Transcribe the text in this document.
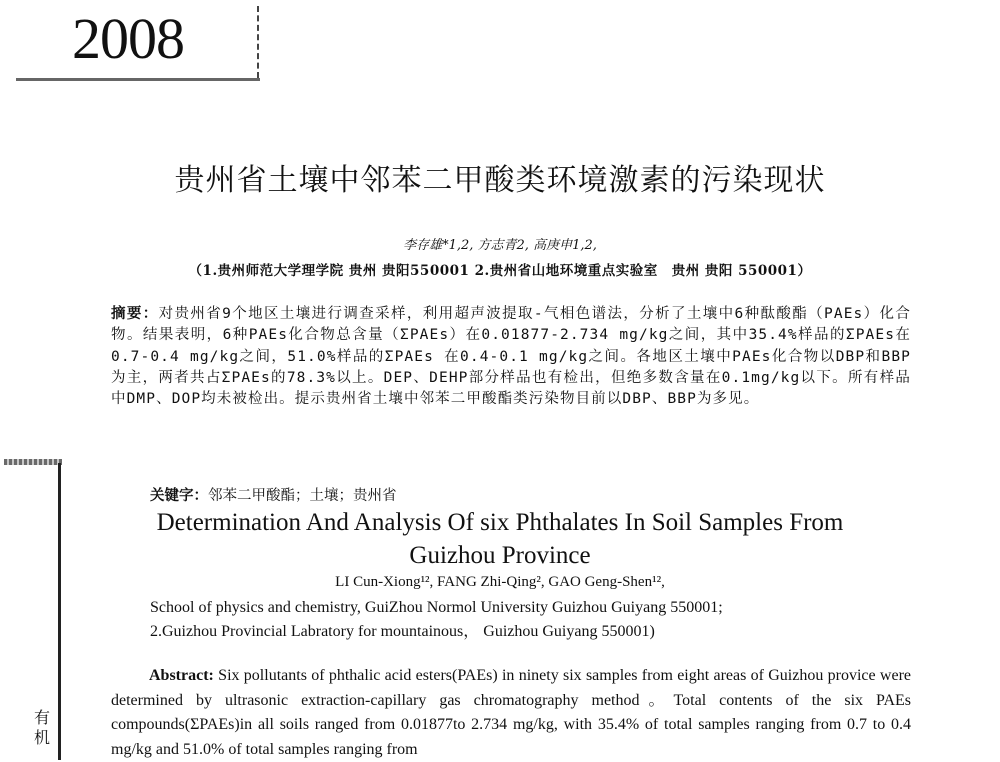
2008
贵州省土壤中邻苯二甲酸类环境激素的污染现状
李存雄*1,2, 方志青2, 高庚申1,2,
（1.贵州师范大学理学院 贵州 贵阳550001 2.贵州省山地环境重点实验室　贵州 贵阳 550001）
摘要：对贵州省9个地区土壤进行调查采样，利用超声波提取-气相色谱法，分析了土壤中6种酞酸酯（PAEs）化合物。结果表明，6种PAEs化合物总含量（ΣPAEs）在0.01877-2.734 mg/kg之间，其中35.4%样品的ΣPAEs在0.7-0.4 mg/kg之间，51.0%样品的ΣPAEs 在0.4-0.1 mg/kg之间。各地区土壤中PAEs化合物以DBP和BBP为主，两者共占ΣPAEs的78.3%以上。DEP、DEHP部分样品也有检出，但绝多数含量在0.1mg/kg以下。所有样品中DMP、DOP均未被检出。提示贵州省土壤中邻苯二甲酸酯类污染物目前以DBP、BBP为多见。
关键字：邻苯二甲酸酯；土壤；贵州省
Determination And Analysis Of six Phthalates In Soil Samples From
Guizhou Province
LI Cun-Xiong¹², FANG Zhi-Qing², GAO Geng-Shen¹²,
School of physics and chemistry, GuiZhou Normol University Guizhou Guiyang 550001;
2.Guizhou Provincial Labratory for mountainous， Guizhou Guiyang 550001)
Abstract: Six pollutants of phthalic acid esters(PAEs) in ninety six samples from eight areas of Guizhou provice were determined by ultrasonic extraction-capillary gas chromatography method。Total contents of the six PAEs compounds(ΣPAEs)in all soils ranged from 0.01877to 2.734 mg/kg, with 35.4% of total samples ranging from 0.7 to 0.4 mg/kg and 51.0% of total samples ranging from
有机
